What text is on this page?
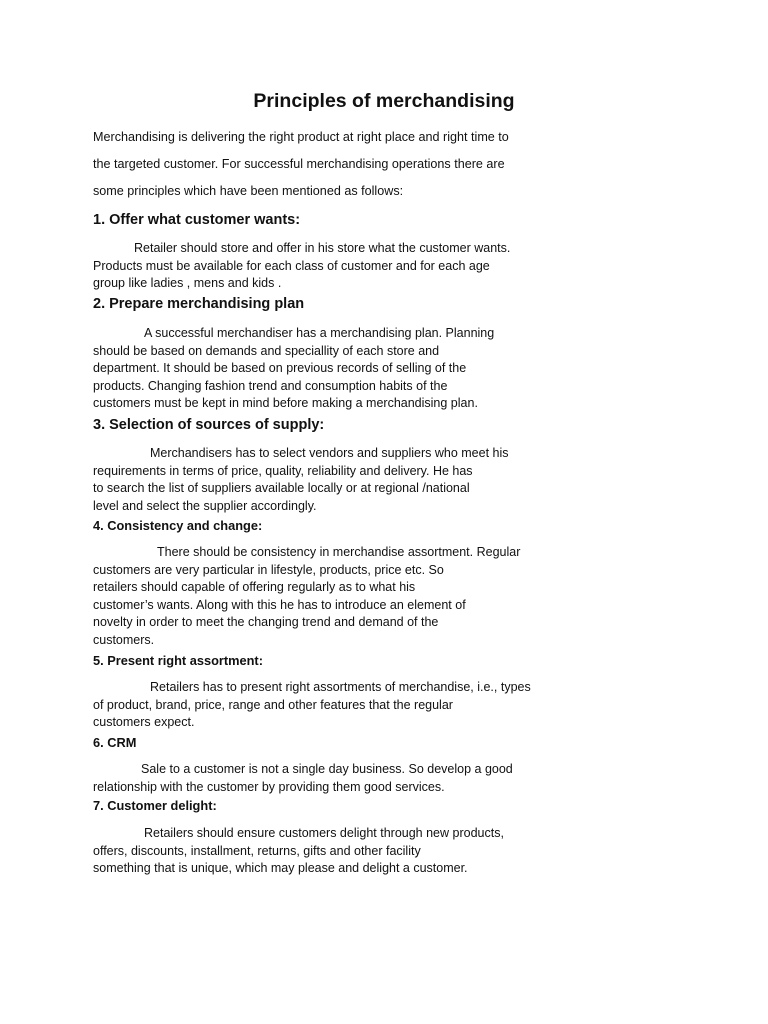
Principles of merchandising
Merchandising is delivering the right product at right place and right time to
the targeted customer. For successful merchandising operations there are
some principles which have been mentioned as follows:
1. Offer what customer wants:
Retailer should store and offer in his store what the customer wants.
Products must be available for each class of customer and for each age
group like ladies , mens and kids .
2. Prepare merchandising plan
A successful merchandiser has a merchandising plan. Planning
should be based on demands and speciallity of each store and
department. It should be based on previous records of selling of the
products. Changing fashion trend and consumption habits of the
customers must be kept in mind before making a merchandising plan.
3. Selection of sources of supply:
Merchandisers has to select vendors and suppliers who meet his
requirements in terms of price, quality, reliability and delivery. He has
to search the list of suppliers available locally or at regional /national
level and select the supplier accordingly.
4. Consistency and change:
There should be consistency in merchandise assortment. Regular
customers are very particular in lifestyle, products, price etc. So
retailers should capable of offering regularly as to what his
customer’s wants. Along with this he has to introduce an element of
novelty in order to meet the changing trend and demand of the
customers.
5. Present right assortment:
Retailers has to present right assortments of merchandise, i.e., types
of product, brand, price, range and other features that the regular
customers expect.
6. CRM
Sale to a customer is not a single day business. So develop a good
relationship with the customer by providing them good services.
7. Customer delight:
Retailers should ensure customers delight through new products,
offers, discounts, installment, returns, gifts and other facility
something that is unique, which may please and delight a customer.
